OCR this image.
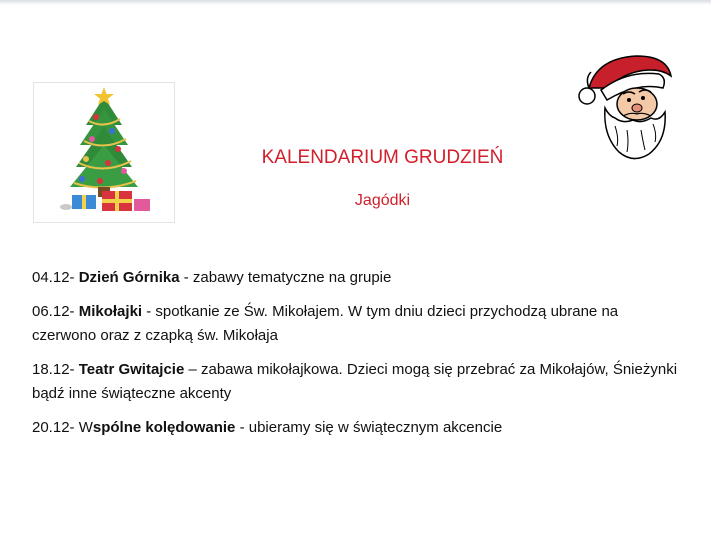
KALENDARIUM GRUDZIEŃ
Jagódki
04.12- Dzień Górnika - zabawy tematyczne na grupie
06.12- Mikołajki - spotkanie ze Św. Mikołajem. W tym dniu dzieci przychodzą ubrane na
czerwono oraz z czapką św. Mikołaja
18.12- Teatr Gwitajcie – zabawa mikołajkowa. Dzieci mogą się przebrać za Mikołajów, Śnieżynki
bądź inne świąteczne akcenty
20.12- Wspólne kolędowanie - ubieramy się w świątecznym akcencie
